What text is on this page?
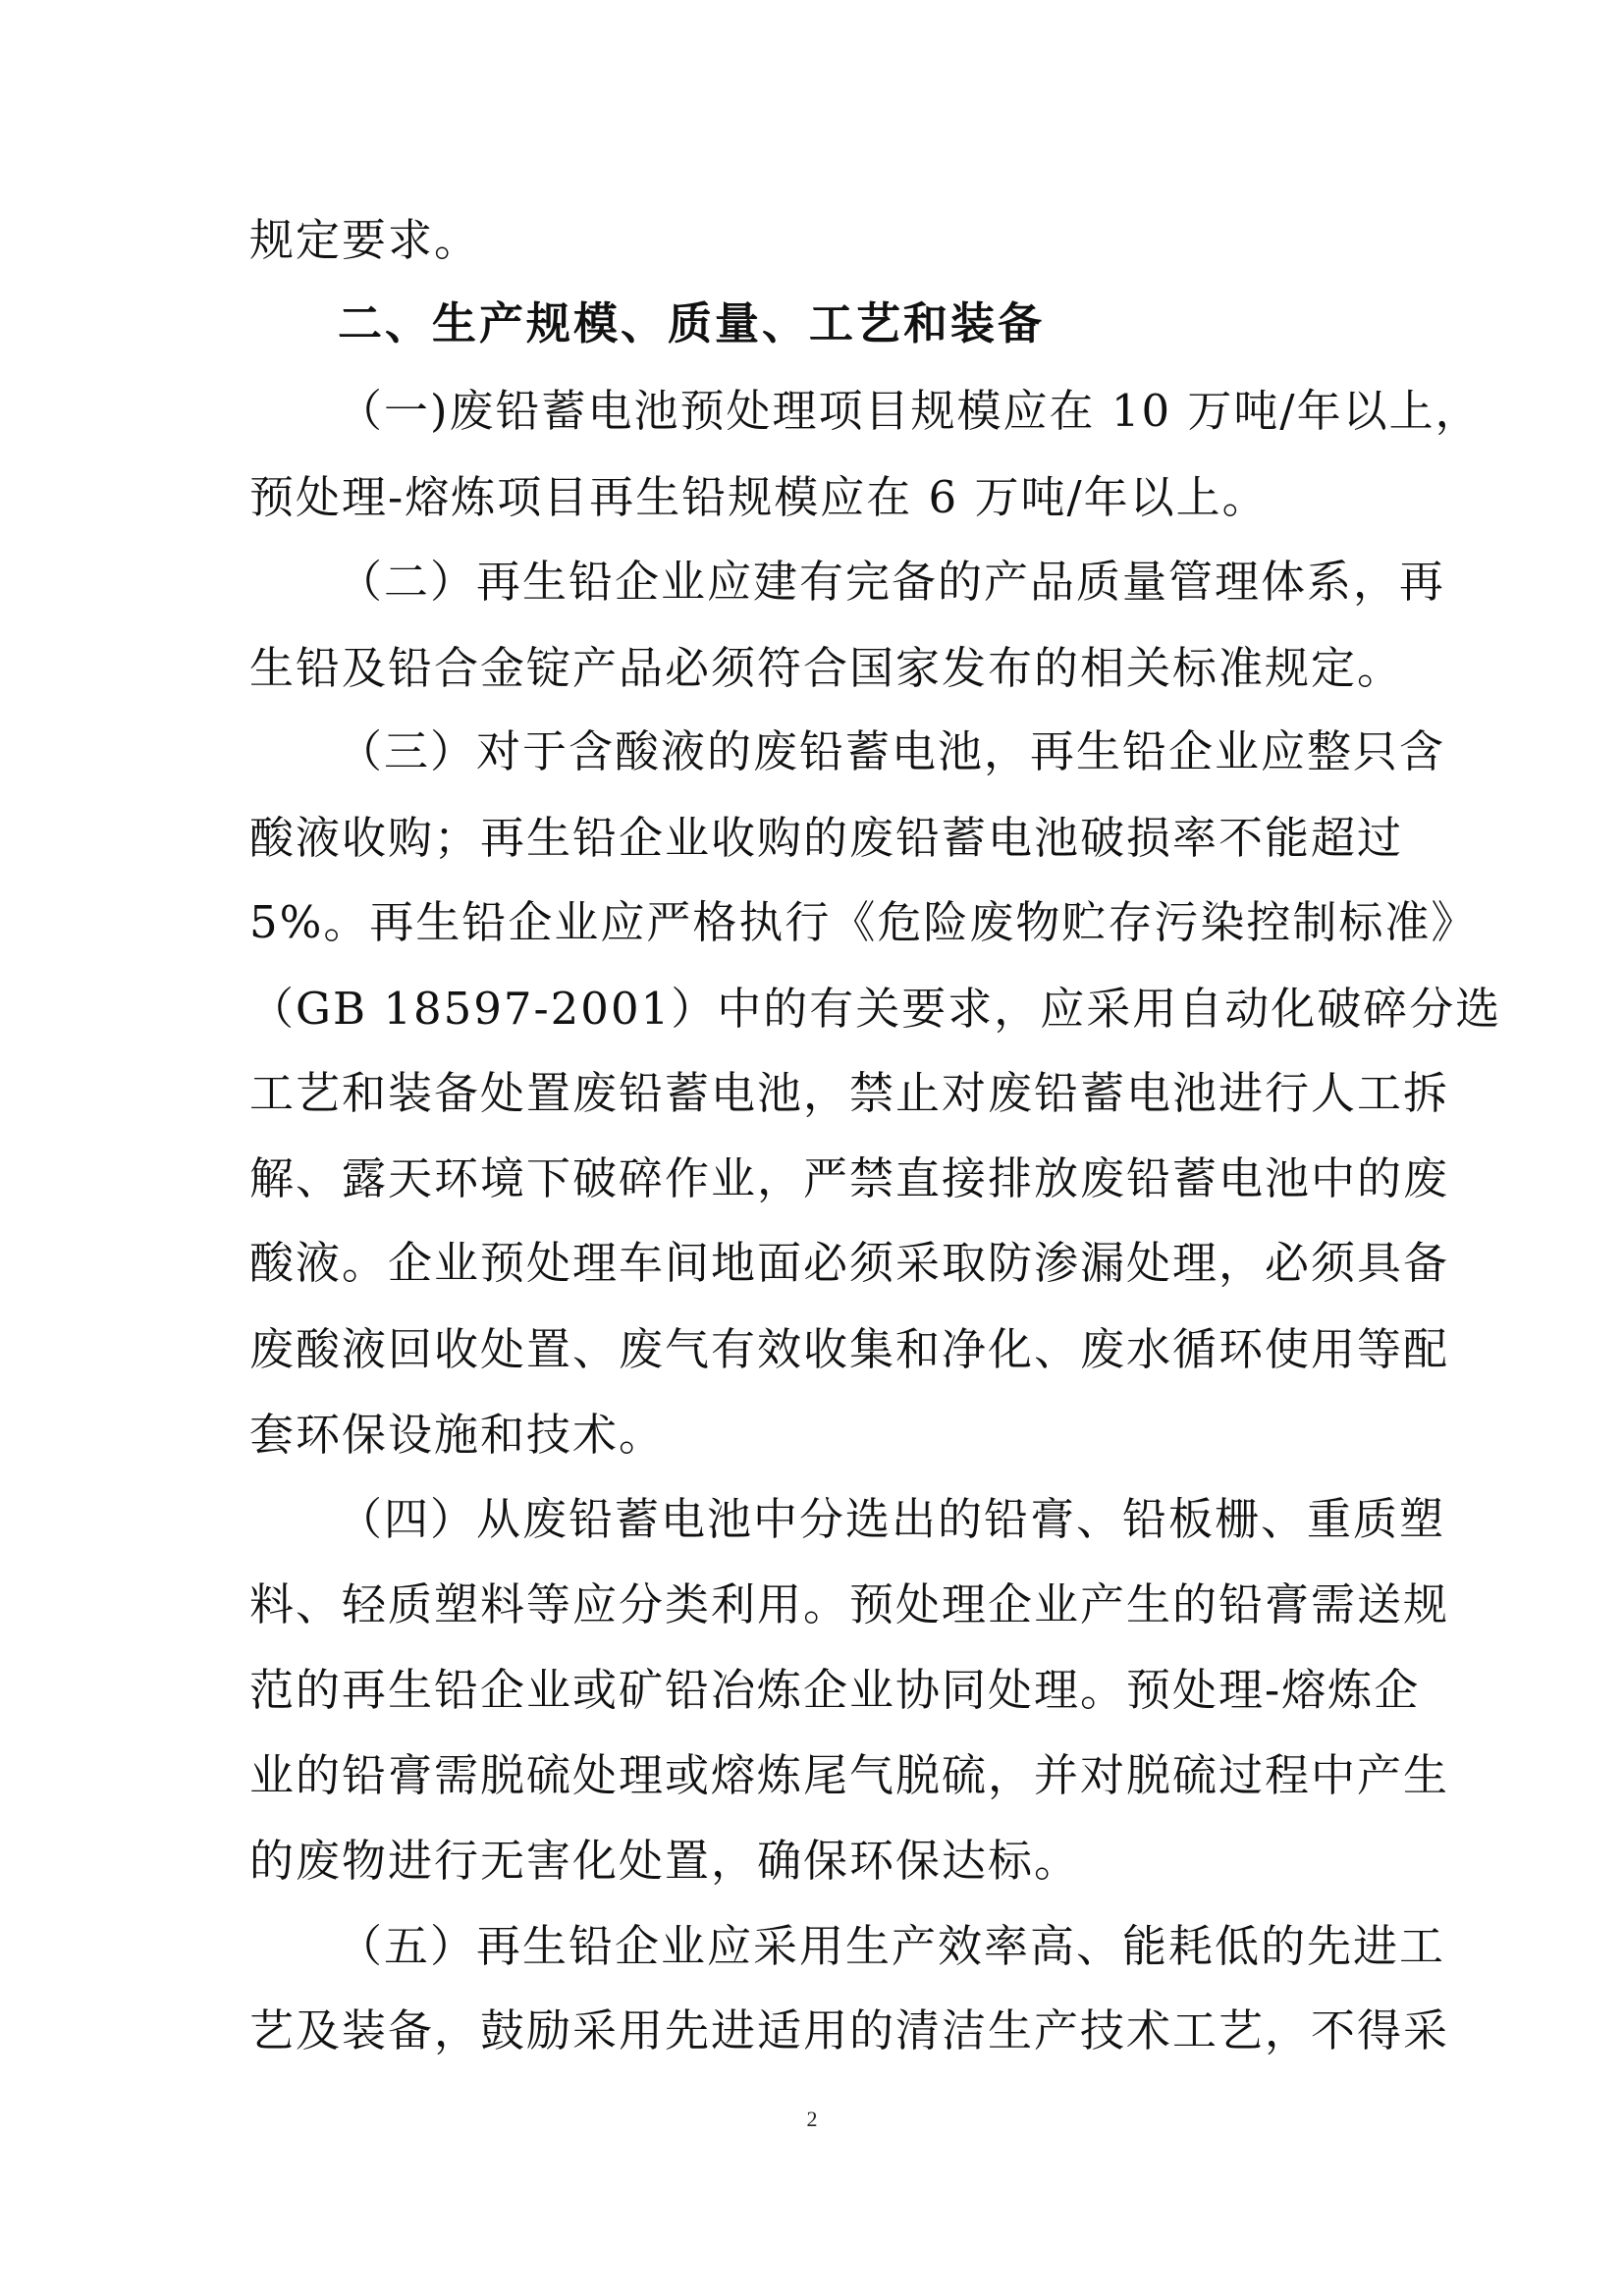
规定要求。
二、生产规模、质量、工艺和装备
（一)废铅蓄电池预处理项目规模应在 10 万吨/年以上，
预处理-熔炼项目再生铅规模应在 6 万吨/年以上。
（二）再生铅企业应建有完备的产品质量管理体系，再
生铅及铅合金锭产品必须符合国家发布的相关标准规定。
（三）对于含酸液的废铅蓄电池，再生铅企业应整只含
酸液收购；再生铅企业收购的废铅蓄电池破损率不能超过
5%。再生铅企业应严格执行《危险废物贮存污染控制标准》
（GB 18597-2001）中的有关要求，应采用自动化破碎分选
工艺和装备处置废铅蓄电池，禁止对废铅蓄电池进行人工拆
解、露天环境下破碎作业，严禁直接排放废铅蓄电池中的废
酸液。企业预处理车间地面必须采取防渗漏处理，必须具备
废酸液回收处置、废气有效收集和净化、废水循环使用等配
套环保设施和技术。
（四）从废铅蓄电池中分选出的铅膏、铅板栅、重质塑
料、轻质塑料等应分类利用。预处理企业产生的铅膏需送规
范的再生铅企业或矿铅冶炼企业协同处理。预处理-熔炼企
业的铅膏需脱硫处理或熔炼尾气脱硫，并对脱硫过程中产生
的废物进行无害化处置，确保环保达标。
（五）再生铅企业应采用生产效率高、能耗低的先进工
艺及装备，鼓励采用先进适用的清洁生产技术工艺，不得采
2
